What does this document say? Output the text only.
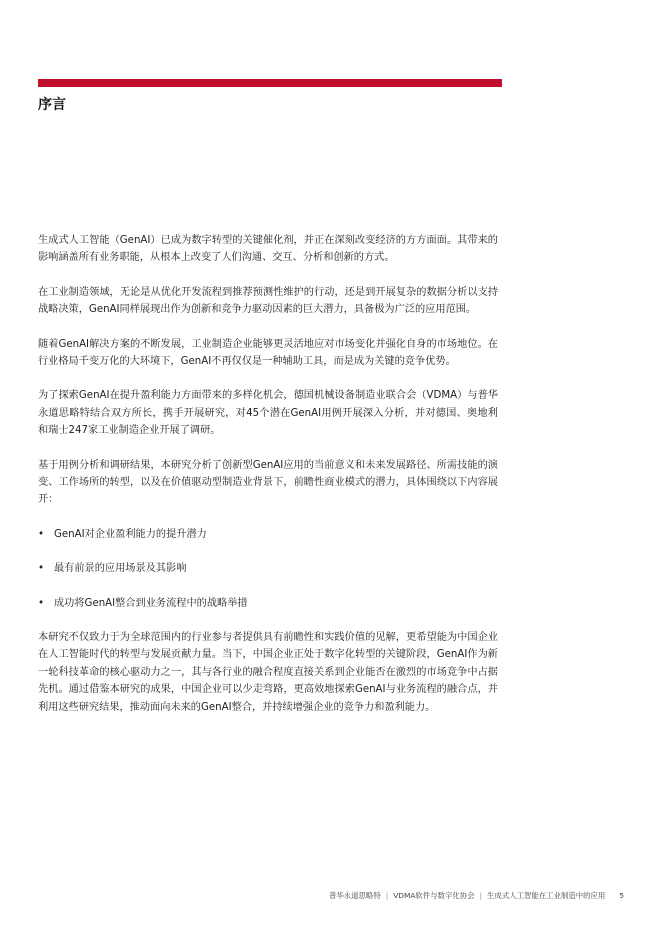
序言

生成式人工智能（GenAI）已成为数字转型的关键催化剂，并正在深刻改变经济的方方面面。其带来的影响涵盖所有业务职能，从根本上改变了人们沟通、交互、分析和创新的方式。

在工业制造领域，无论是从优化开发流程到推荐预测性维护的行动，还是到开展复杂的数据分析以支持战略决策，GenAI同样展现出作为创新和竞争力驱动因素的巨大潜力，具备极为广泛的应用范围。

随着GenAI解决方案的不断发展，工业制造企业能够更灵活地应对市场变化并强化自身的市场地位。在行业格局千变万化的大环境下，GenAI不再仅仅是一种辅助工具，而是成为关键的竞争优势。

为了探索GenAI在提升盈利能力方面带来的多样化机会，德国机械设备制造业联合会（VDMA）与普华永道思略特结合双方所长，携手开展研究，对45个潜在GenAI用例开展深入分析，并对德国、奥地利和瑞士247家工业制造企业开展了调研。

基于用例分析和调研结果，本研究分析了创新型GenAI应用的当前意义和未来发展路径、所需技能的演变、工作场所的转型，以及在价值驱动型制造业背景下，前瞻性商业模式的潜力，具体围绕以下内容展开：

• GenAI对企业盈利能力的提升潜力
• 最有前景的应用场景及其影响
• 成功将GenAI整合到业务流程中的战略举措

本研究不仅致力于为全球范围内的行业参与者提供具有前瞻性和实践价值的见解，更希望能为中国企业在人工智能时代的转型与发展贡献力量。当下，中国企业正处于数字化转型的关键阶段，GenAI作为新一轮科技革命的核心驱动力之一，其与各行业的融合程度直接关系到企业能否在激烈的市场竞争中占据先机。通过借鉴本研究的成果，中国企业可以少走弯路，更高效地探索GenAI与业务流程的融合点，并利用这些研究结果，推动面向未来的GenAI整合，并持续增强企业的竞争力和盈利能力。

普华永道思略特 | VDMA软件与数字化协会 | 生成式人工智能在工业制造中的应用 5
